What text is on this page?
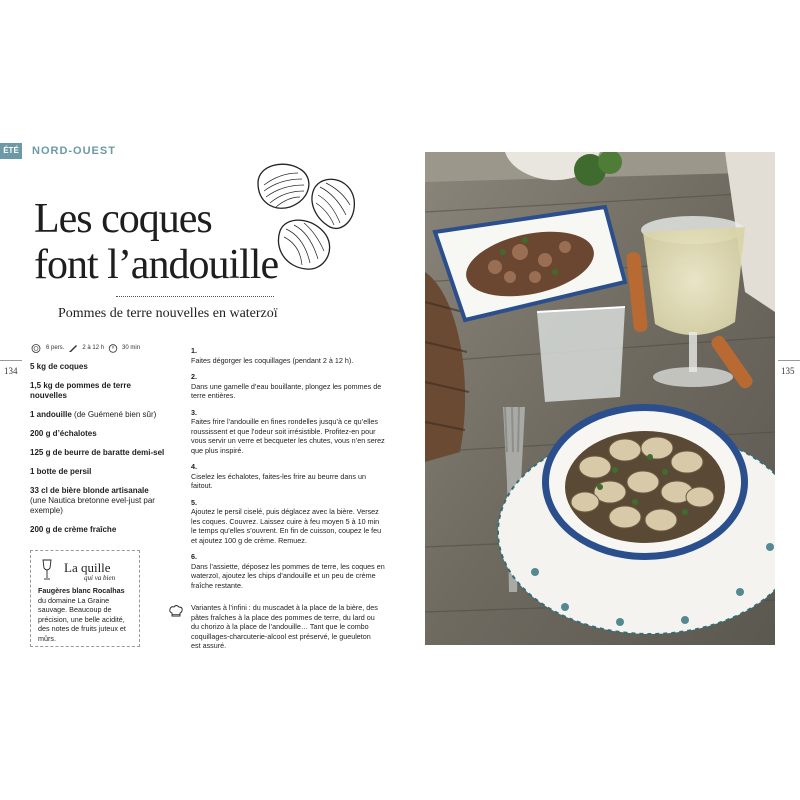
ÉTÉ NORD-OUEST
Les coques
font l’andouille
Pommes de terre nouvelles en waterzoï
134	135
6 pers.	2 à 12 h	30 min
5 kg de coques
1,5 kg de pommes de terre nouvelles
1 andouille (de Guémené bien sûr)
200 g d’échalotes
125 g de beurre de baratte demi-sel
1 botte de persil
33 cl de bière blonde artisanale
(une Nautica bretonne evel-just par exemple)
200 g de crème fraîche
La quille
qui va bien
Faugères blanc Rocalhas
du domaine La Graine sauvage. Beaucoup de précision, une belle acidité, des notes de fruits juteux et mûrs.
1.
Faites dégorger les coquillages (pendant 2 à 12 h).
2.
Dans une gamelle d’eau bouillante, plongez les pommes de terre entières.
3.
Faites frire l’andouille en fines rondelles jusqu’à ce qu’elles roussissent et que l’odeur soit irrésistible. Profitez-en pour vous servir un verre et becqueter les chutes, vous n’en serez que plus inspiré.
4.
Ciselez les échalotes, faites-les frire au beurre dans un faitout.
5.
Ajoutez le persil ciselé, puis déglacez avec la bière. Versez les coques. Couvrez. Laissez cuire à feu moyen 5 à 10 min le temps qu’elles s’ouvrent. En fin de cuisson, coupez le feu et ajoutez 100 g de crème. Remuez.
6.
Dans l’assiette, déposez les pommes de terre, les coques en waterzoï, ajoutez les chips d’andouille et un peu de crème fraîche restante.
Variantes à l’infini : du muscadet à la place de la bière, des pâtes fraîches à la place des pommes de terre, du lard ou du chorizo à la place de l’andouille… Tant que le combo coquillages-charcuterie-alcool est préservé, le gueuleton est assuré.
